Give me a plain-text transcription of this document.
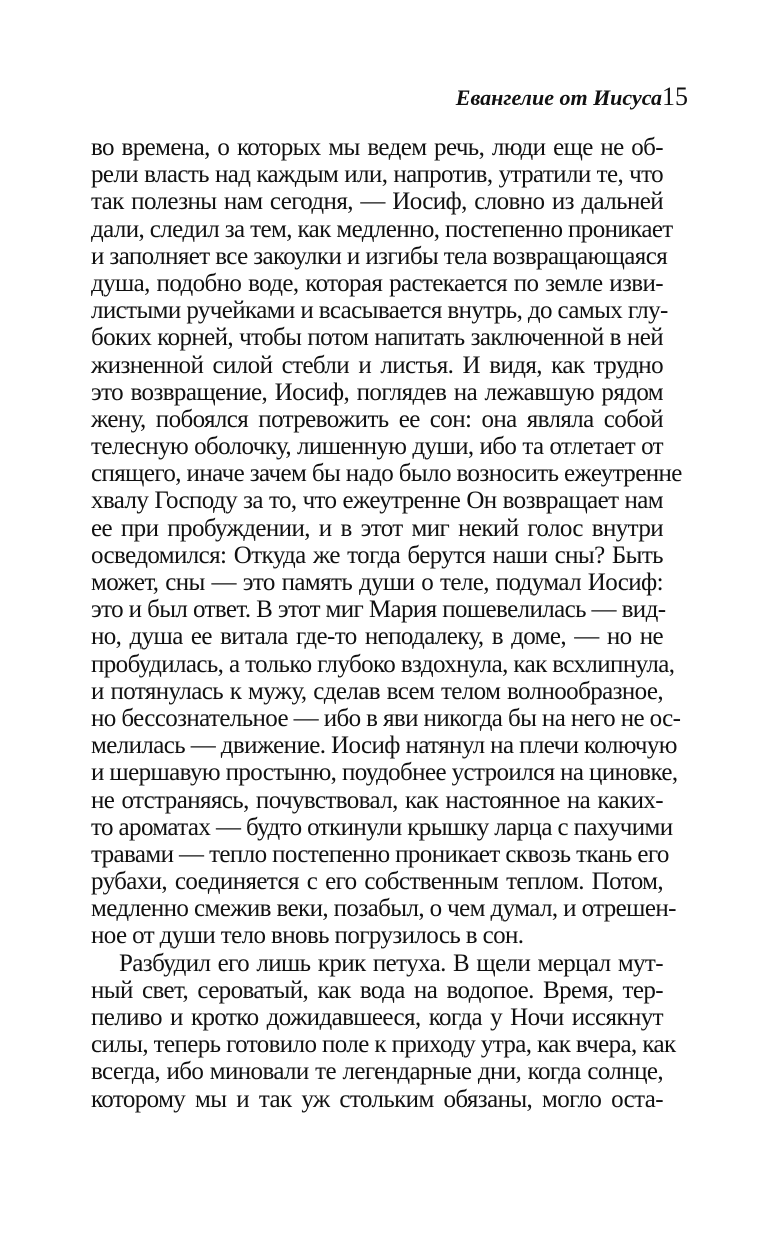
Евангелие от Иисуса 15
во времена, о которых мы ведем речь, люди еще не об-
рели власть над каждым или, напротив, утратили те, что
так полезны нам сегодня, — Иосиф, словно из дальней
дали, следил за тем, как медленно, постепенно проникает
и заполняет все закоулки и изгибы тела возвращающаяся
душа, подобно воде, которая растекается по земле изви-
листыми ручейками и всасывается внутрь, до самых глу-
боких корней, чтобы потом напитать заключенной в ней
жизненной силой стебли и листья. И видя, как трудно
это возвращение, Иосиф, поглядев на лежавшую рядом
жену, побоялся потревожить ее сон: она являла собой
телесную оболочку, лишенную души, ибо та отлетает от
спящего, иначе зачем бы надо было возносить ежеутренне
хвалу Господу за то, что ежеутренне Он возвращает нам
ее при пробуждении, и в этот миг некий голос внутри
осведомился: Откуда же тогда берутся наши сны? Быть
может, сны — это память души о теле, подумал Иосиф:
это и был ответ. В этот миг Мария пошевелилась — вид-
но, душа ее витала где-то неподалеку, в доме, — но не
пробудилась, а только глубоко вздохнула, как всхлипнула,
и потянулась к мужу, сделав всем телом волнообразное,
но бессознательное — ибо в яви никогда бы на него не ос-
мелилась — движение. Иосиф натянул на плечи колючую
и шершавую простыню, поудобнее устроился на циновке,
не отстраняясь, почувствовал, как настоянное на каких-
то ароматах — будто откинули крышку ларца с пахучими
травами — тепло постепенно проникает сквозь ткань его
рубахи, соединяется с его собственным теплом. Потом,
медленно смежив веки, позабыл, о чем думал, и отрешен-
ное от души тело вновь погрузилось в сон.
Разбудил его лишь крик петуха. В щели мерцал мут-
ный свет, сероватый, как вода на водопое. Время, тер-
пеливо и кротко дожидавшееся, когда у Ночи иссякнут
силы, теперь готовило поле к приходу утра, как вчера, как
всегда, ибо миновали те легендарные дни, когда солнце,
которому мы и так уж стольким обязаны, могло оста-
